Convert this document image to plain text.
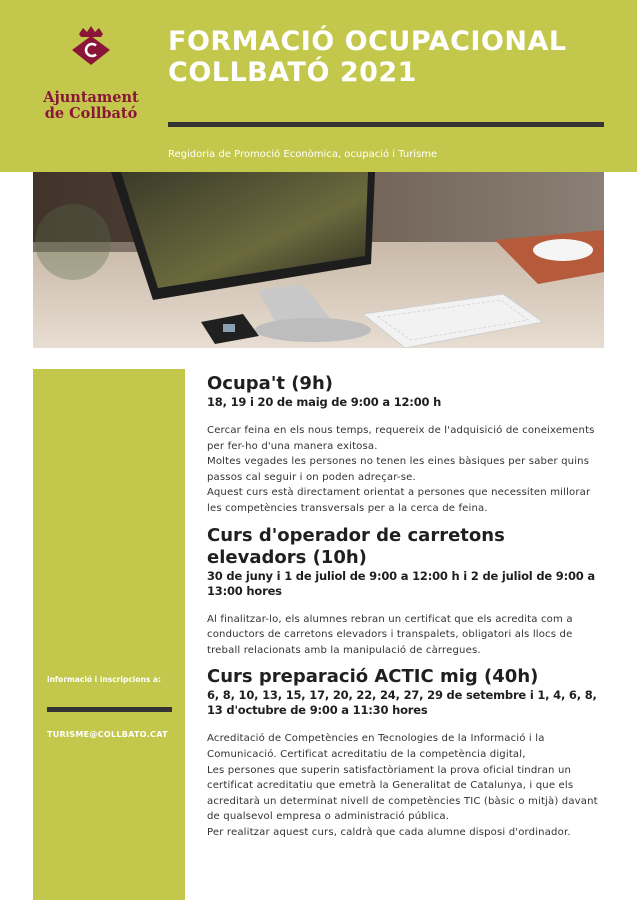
Ajuntament
de Collbató
FORMACIÓ OCUPACIONAL
COLLBATÓ 2021
Regidoria de Promoció Econòmica, ocupació i Turisme
informació i inscripcions a:
TURISME@COLLBATO.CAT

Ocupa't (9h)

18, 19 i 20 de maig de 9:00 a 12:00 h

Cercar feina en els nous temps, requereix de l'adquisició de coneixements per fer-ho d'una manera exitosa.
Moltes vegades les persones no tenen les eines bàsiques per saber quins passos cal seguir i on poden adreçar-se.
Aquest curs està directament orientat a persones que necessiten millorar les competències transversals per a la cerca de feina.

Curs d'operador de carretons elevadors (10h)

30 de juny i 1 de juliol de 9:00 a 12:00 h i 2 de juliol de 9:00 a 13:00 hores

Al finalitzar-lo, els alumnes rebran un certificat que els acredita com a conductors de carretons elevadors i transpalets, obligatori als llocs de treball relacionats amb la manipulació de càrregues.

Curs preparació ACTIC mig (40h)

6, 8, 10, 13, 15, 17, 20, 22, 24, 27, 29 de setembre i 1, 4, 6, 8, 13 d'octubre de 9:00 a 11:30 hores

Acreditació de Competències en Tecnologies de la Informació i la Comunicació. Certificat acreditatiu de la competència digital,
Les persones que superin satisfactòriament la prova oficial tindran un certificat acreditatiu que emetrà la Generalitat de Catalunya, i que els acreditarà un determinat nivell de competències TIC (bàsic o mitjà) davant de qualsevol empresa o administració pública.
Per realitzar aquest curs, caldrà que cada alumne disposi d'ordinador.
